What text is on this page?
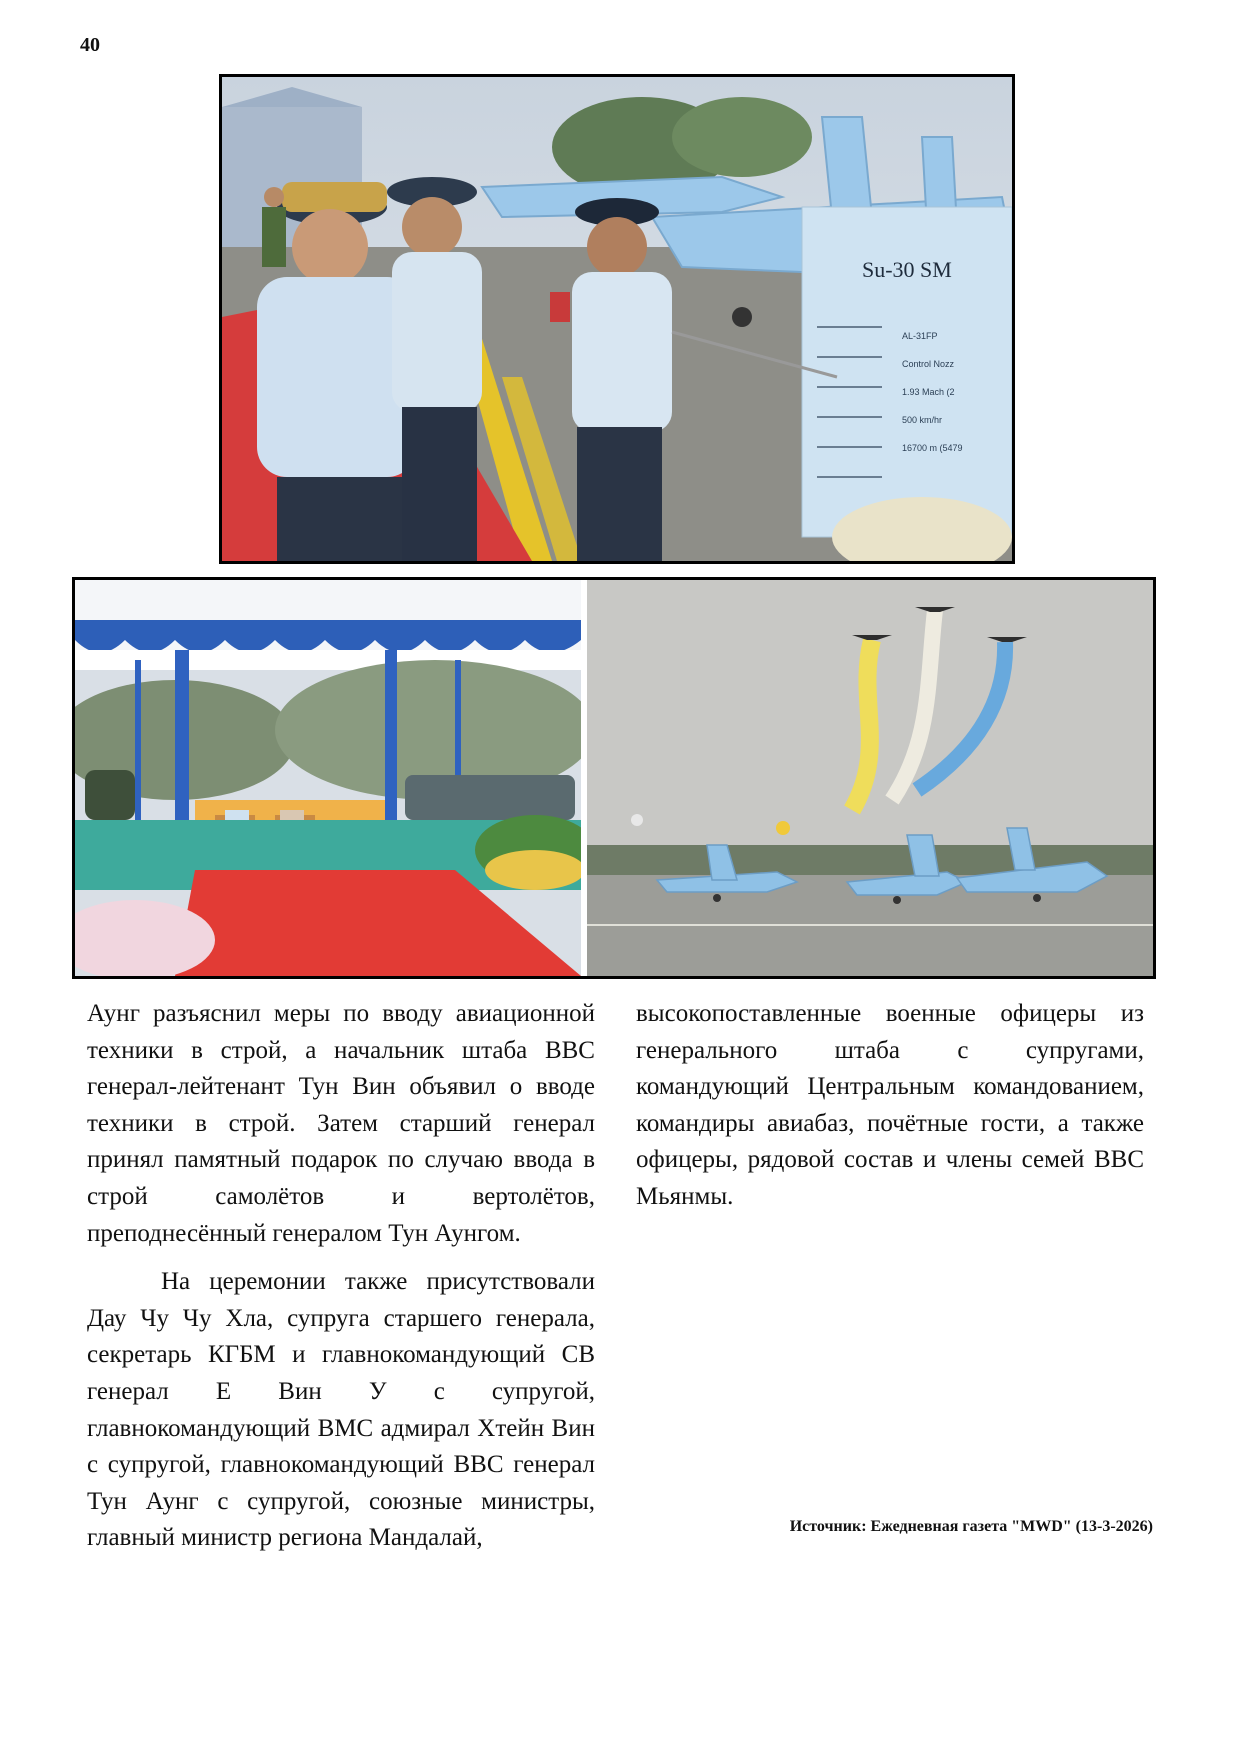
40
Su-30 SM
AL-31FP
Control Nozz
1.93 Mach (2
500 km/hr
16700 m (5479

Аунг разъяснил меры по вводу авиационной техники в строй, а начальник штаба ВВС генерал-лейтенант Тун Вин объявил о вводе техники в строй. Затем старший генерал принял памятный подарок по случаю ввода в строй самолётов и вертолётов, преподнесённый генералом Тун Аунгом.

На церемонии также присутствовали Дау Чу Чу Хла, супруга старшего генерала, секретарь КГБМ и главнокомандующий СВ генерал Е Вин У с супругой, главнокомандующий ВМС адмирал Хтейн Вин с супругой, главнокомандующий ВВС генерал Тун Аунг с супругой, союзные министры, главный министр региона Мандалай,

высокопоставленные военные офицеры из генерального штаба с супругами, командующий Центральным командованием, командиры авиабаз, почётные гости, а также офицеры, рядовой состав и члены семей ВВС Мьянмы.

Источник: Ежедневная газета "MWD" (13-3-2026)
